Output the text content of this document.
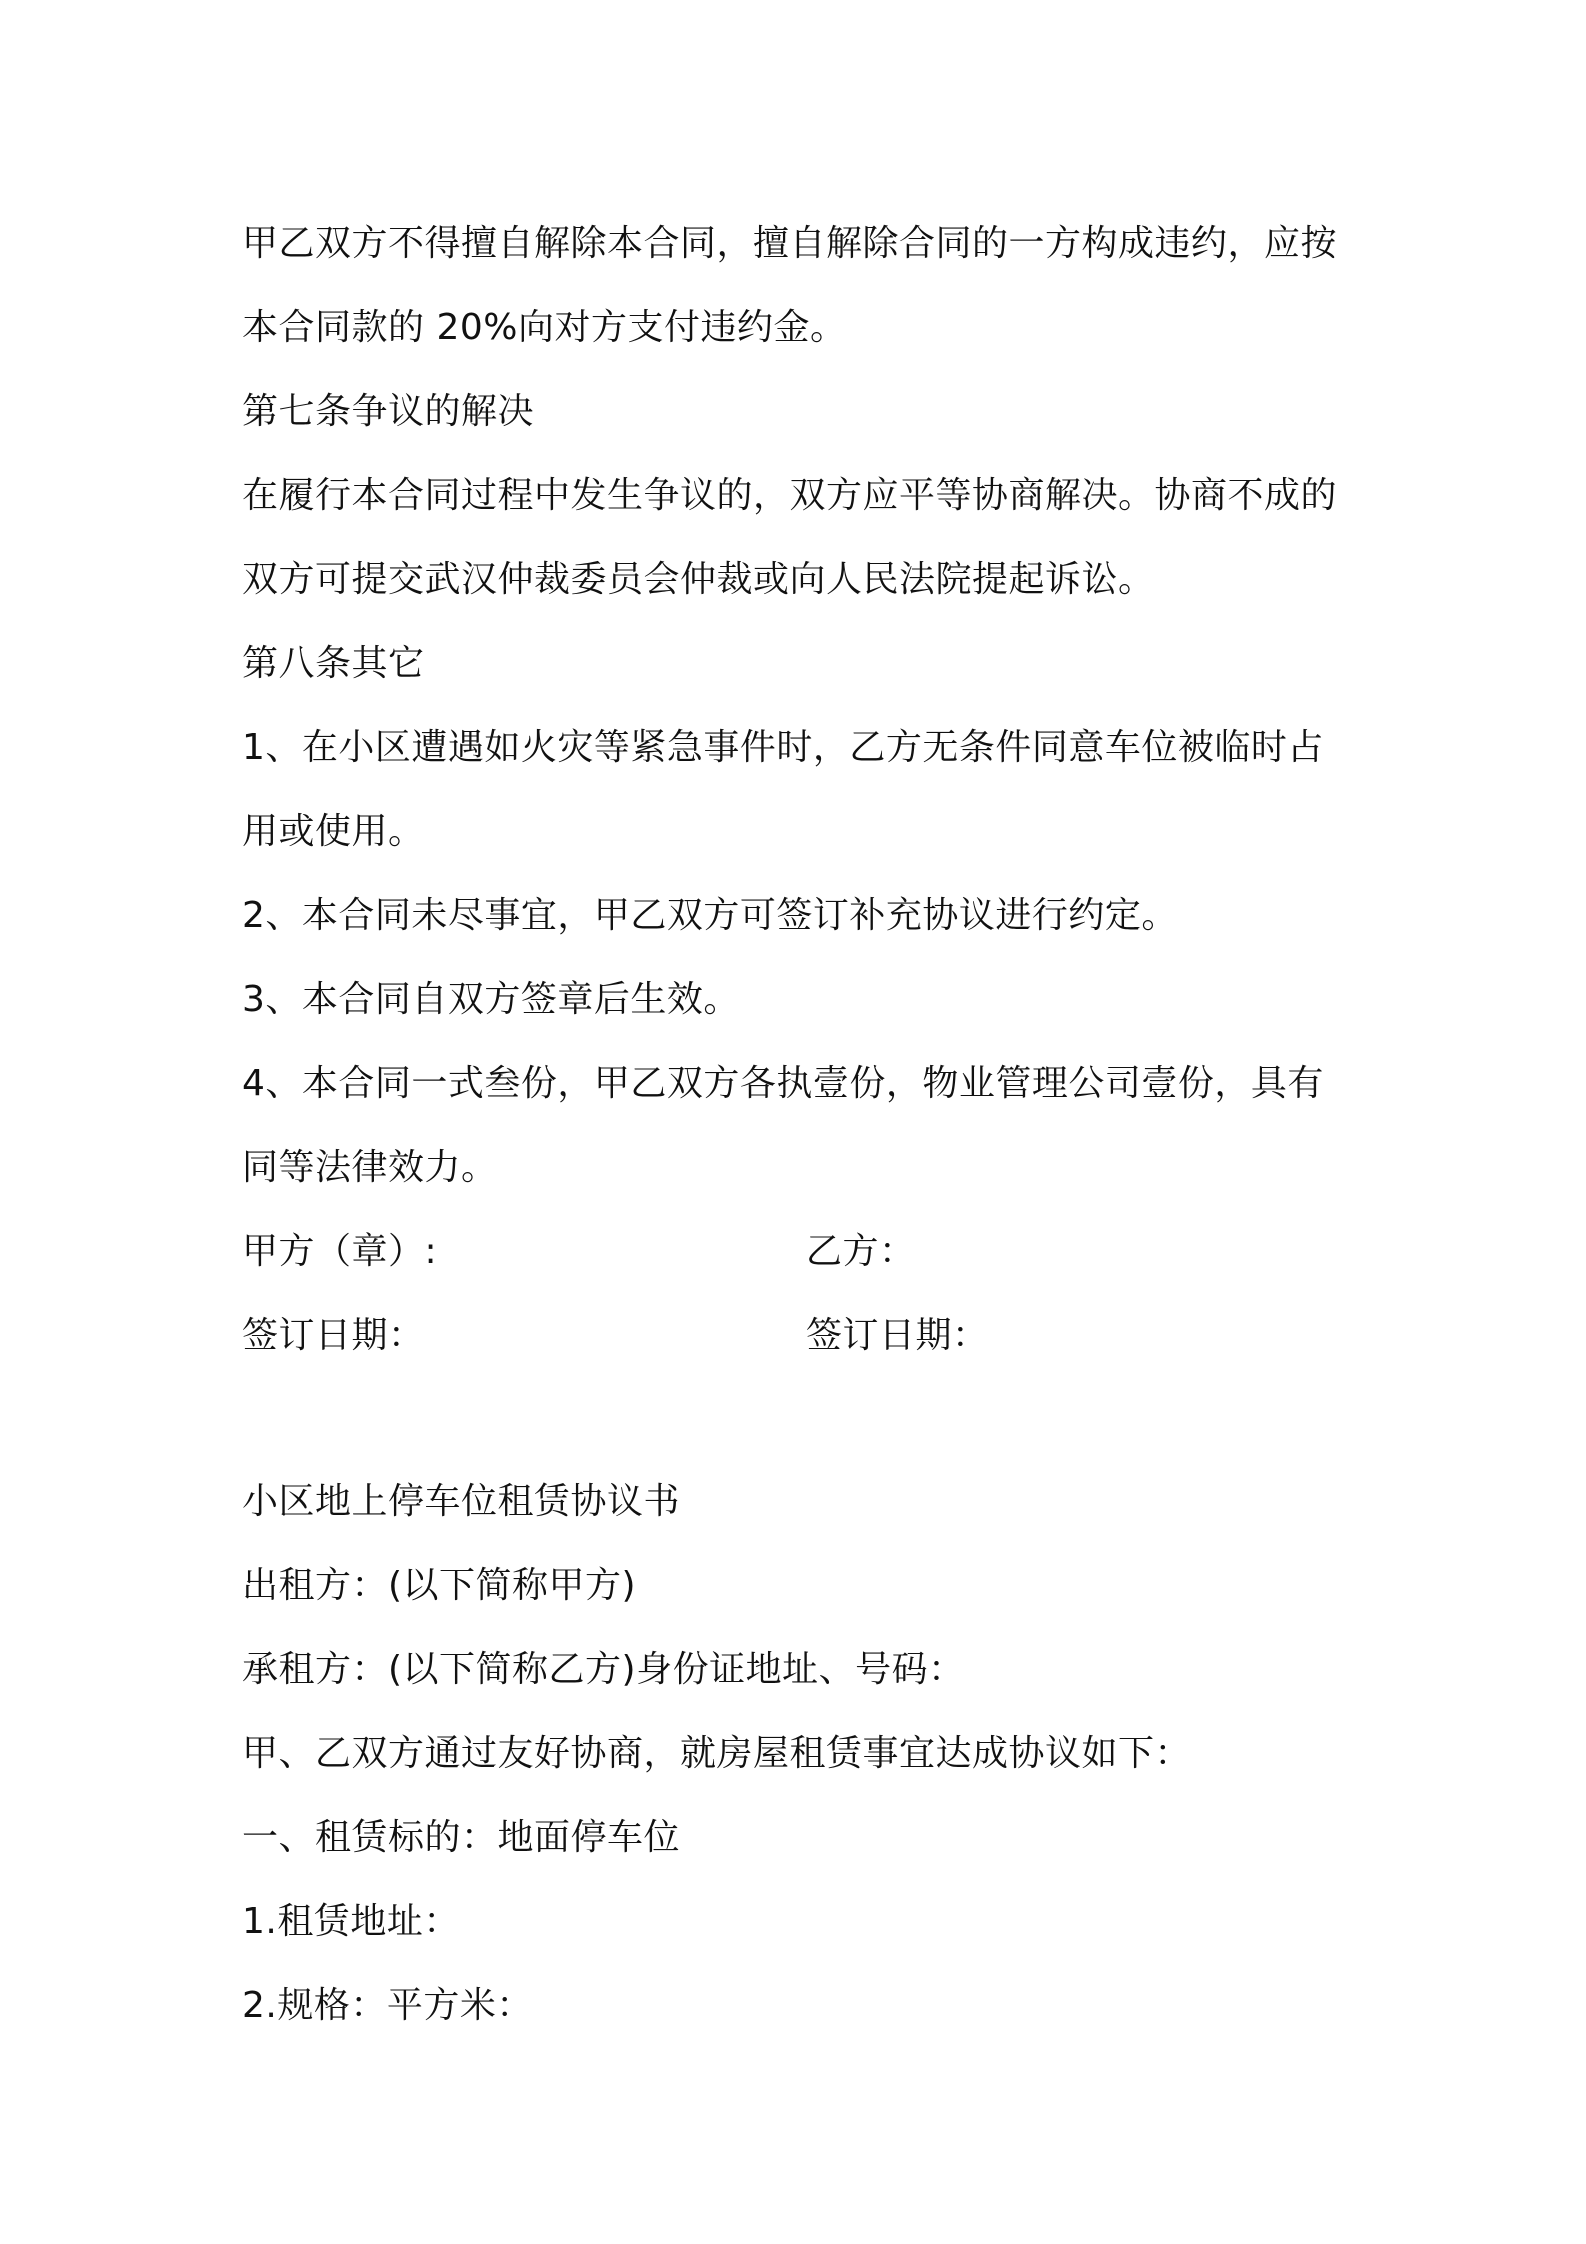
甲乙双方不得擅自解除本合同，擅自解除合同的一方构成违约，应按
本合同款的 20%向对方支付违约金。
第七条争议的解决
在履行本合同过程中发生争议的，双方应平等协商解决。协商不成的
双方可提交武汉仲裁委员会仲裁或向人民法院提起诉讼。
第八条其它
1、在小区遭遇如火灾等紧急事件时，乙方无条件同意车位被临时占
用或使用。
2、本合同未尽事宜，甲乙双方可签订补充协议进行约定。
3、本合同自双方签章后生效。
4、本合同一式叁份，甲乙双方各执壹份，物业管理公司壹份，具有
同等法律效力。
甲方（章）:	乙方：
签订日期：	签订日期：
小区地上停车位租赁协议书
出租方：(以下简称甲方)
承租方：(以下简称乙方)身份证地址、号码：
甲、乙双方通过友好协商，就房屋租赁事宜达成协议如下：
一、租赁标的：地面停车位
1.租赁地址：
2.规格：平方米：
